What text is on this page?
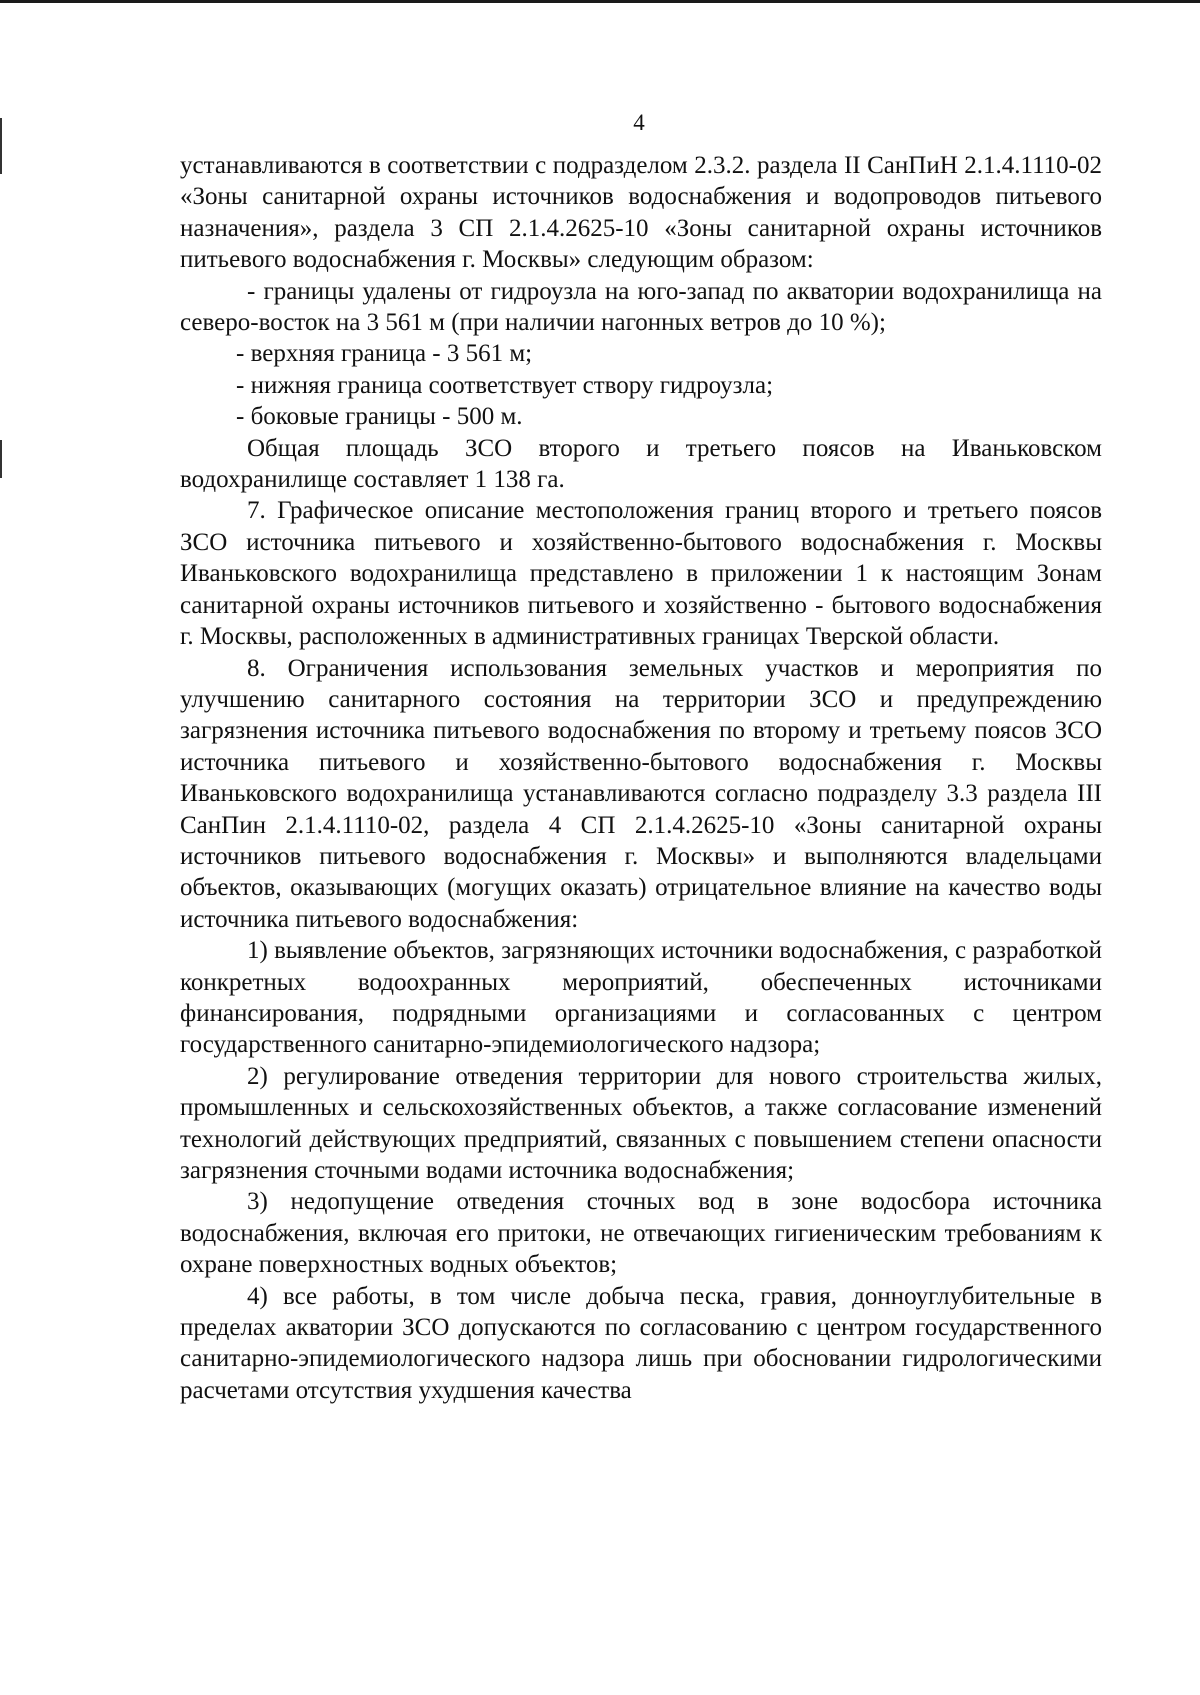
4

устанавливаются в соответствии с подразделом 2.3.2. раздела II СанПиН 2.1.4.1110-02 «Зоны санитарной охраны источников водоснабжения и водопроводов питьевого назначения», раздела 3 СП 2.1.4.2625-10 «Зоны санитарной охраны источников питьевого водоснабжения г. Москвы» следующим образом:

- границы удалены от гидроузла на юго-запад по акватории водохранилища на северо-восток на 3 561 м (при наличии нагонных ветров до 10 %);

- верхняя граница - 3 561 м;

- нижняя граница соответствует створу гидроузла;

- боковые границы - 500 м.

Общая площадь ЗСО второго и третьего поясов на Иваньковском водохранилище составляет 1 138 га.

7. Графическое описание местоположения границ второго и третьего поясов ЗСО источника питьевого и хозяйственно-бытового водоснабжения г. Москвы Иваньковского водохранилища представлено в приложении 1 к настоящим Зонам санитарной охраны источников питьевого и хозяйственно - бытового водоснабжения г. Москвы, расположенных в административных границах Тверской области.

8. Ограничения использования земельных участков и мероприятия по улучшению санитарного состояния на территории ЗСО и предупреждению загрязнения источника питьевого водоснабжения по второму и третьему поясов ЗСО источника питьевого и хозяйственно-бытового водоснабжения г. Москвы Иваньковского водохранилища устанавливаются согласно подразделу 3.3 раздела III СанПин 2.1.4.1110-02, раздела 4 СП 2.1.4.2625-10 «Зоны санитарной охраны источников питьевого водоснабжения г. Москвы» и выполняются владельцами объектов, оказывающих (могущих оказать) отрицательное влияние на качество воды источника питьевого водоснабжения:

1) выявление объектов, загрязняющих источники водоснабжения, с разработкой конкретных водоохранных мероприятий, обеспеченных источниками финансирования, подрядными организациями и согласованных с центром государственного санитарно-эпидемиологического надзора;

2) регулирование отведения территории для нового строительства жилых, промышленных и сельскохозяйственных объектов, а также согласование изменений технологий действующих предприятий, связанных с повышением степени опасности загрязнения сточными водами источника водоснабжения;

3) недопущение отведения сточных вод в зоне водосбора источника водоснабжения, включая его притоки, не отвечающих гигиеническим требованиям к охране поверхностных водных объектов;

4) все работы, в том числе добыча песка, гравия, донноуглубительные в пределах акватории ЗСО допускаются по согласованию с центром государственного санитарно-эпидемиологического надзора лишь при обосновании гидрологическими расчетами отсутствия ухудшения качества
